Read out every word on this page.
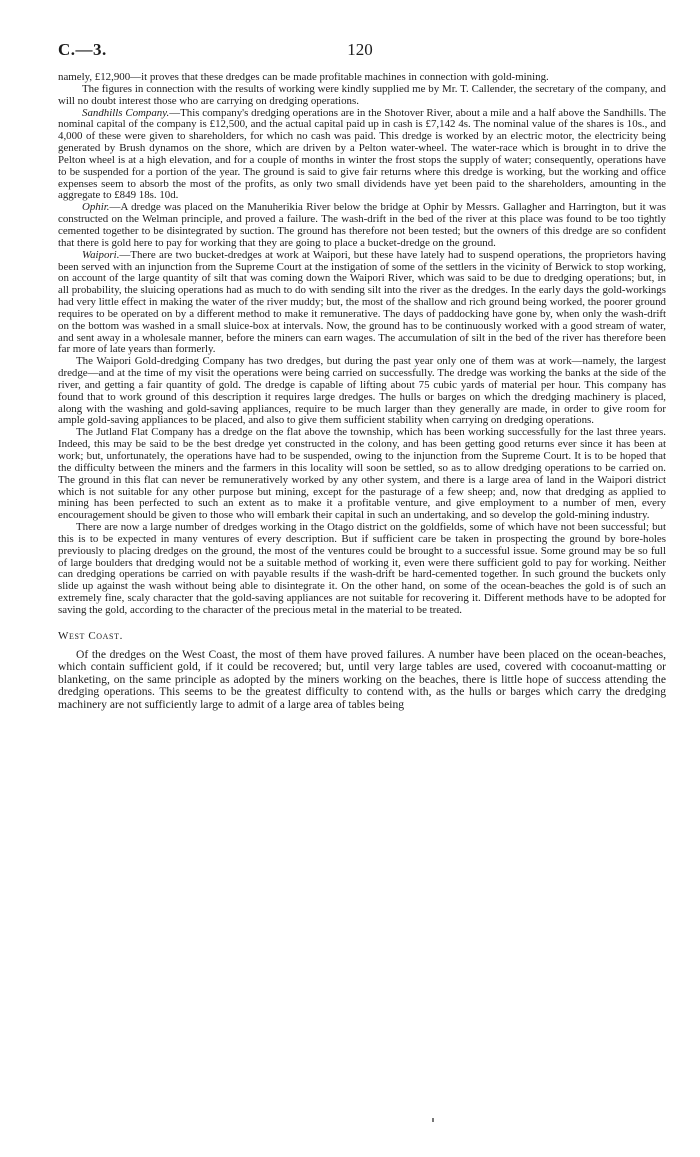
C.—3.	120

namely, £12,900—it proves that these dredges can be made profitable machines in connection with gold-mining.

The figures in connection with the results of working were kindly supplied me by Mr. T. Callender, the secretary of the company, and will no doubt interest those who are carrying on dredging operations.

Sandhills Company.—This company's dredging operations are in the Shotover River, about a mile and a half above the Sandhills. The nominal capital of the company is £12,500, and the actual capital paid up in cash is £7,142 4s. The nominal value of the shares is 10s., and 4,000 of these were given to shareholders, for which no cash was paid. This dredge is worked by an electric motor, the electricity being generated by Brush dynamos on the shore, which are driven by a Pelton water-wheel. The water-race which is brought in to drive the Pelton wheel is at a high elevation, and for a couple of months in winter the frost stops the supply of water; consequently, operations have to be suspended for a portion of the year. The ground is said to give fair returns where this dredge is working, but the working and office expenses seem to absorb the most of the profits, as only two small dividends have yet been paid to the shareholders, amounting in the aggregate to £849 18s. 10d.

Ophir.—A dredge was placed on the Manuherikia River below the bridge at Ophir by Messrs. Gallagher and Harrington, but it was constructed on the Welman principle, and proved a failure. The wash-drift in the bed of the river at this place was found to be too tightly cemented together to be disintegrated by suction. The ground has therefore not been tested; but the owners of this dredge are so confident that there is gold here to pay for working that they are going to place a bucket-dredge on the ground.

Waipori.—There are two bucket-dredges at work at Waipori, but these have lately had to suspend operations, the proprietors having been served with an injunction from the Supreme Court at the instigation of some of the settlers in the vicinity of Berwick to stop working, on account of the large quantity of silt that was coming down the Waipori River, which was said to be due to dredging operations; but, in all probability, the sluicing operations had as much to do with sending silt into the river as the dredges. In the early days the gold-workings had very little effect in making the water of the river muddy; but, the most of the shallow and rich ground being worked, the poorer ground requires to be operated on by a different method to make it remunerative. The days of paddocking have gone by, when only the wash-drift on the bottom was washed in a small sluice-box at intervals. Now, the ground has to be continuously worked with a good stream of water, and sent away in a wholesale manner, before the miners can earn wages. The accumulation of silt in the bed of the river has therefore been far more of late years than formerly.

The Waipori Gold-dredging Company has two dredges, but during the past year only one of them was at work—namely, the largest dredge—and at the time of my visit the operations were being carried on successfully. The dredge was working the banks at the side of the river, and getting a fair quantity of gold. The dredge is capable of lifting about 75 cubic yards of material per hour. This company has found that to work ground of this description it requires large dredges. The hulls or barges on which the dredging machinery is placed, along with the washing and gold-saving appliances, require to be much larger than they generally are made, in order to give room for ample gold-saving appliances to be placed, and also to give them sufficient stability when carrying on dredging operations.

The Jutland Flat Company has a dredge on the flat above the township, which has been working successfully for the last three years. Indeed, this may be said to be the best dredge yet constructed in the colony, and has been getting good returns ever since it has been at work; but, unfortunately, the operations have had to be suspended, owing to the injunction from the Supreme Court. It is to be hoped that the difficulty between the miners and the farmers in this locality will soon be settled, so as to allow dredging operations to be carried on. The ground in this flat can never be remuneratively worked by any other system, and there is a large area of land in the Waipori district which is not suitable for any other purpose but mining, except for the pasturage of a few sheep; and, now that dredging as applied to mining has been perfected to such an extent as to make it a profitable venture, and give employment to a number of men, every encouragement should be given to those who will embark their capital in such an undertaking, and so develop the gold-mining industry.

There are now a large number of dredges working in the Otago district on the goldfields, some of which have not been successful; but this is to be expected in many ventures of every description. But if sufficient care be taken in prospecting the ground by bore-holes previously to placing dredges on the ground, the most of the ventures could be brought to a successful issue. Some ground may be so full of large boulders that dredging would not be a suitable method of working it, even were there sufficient gold to pay for working. Neither can dredging operations be carried on with payable results if the wash-drift be hard-cemented together. In such ground the buckets only slide up against the wash without being able to disintegrate it. On the other hand, on some of the ocean-beaches the gold is of such an extremely fine, scaly character that the gold-saving appliances are not suitable for recovering it. Different methods have to be adopted for saving the gold, according to the character of the precious metal in the material to be treated.

West Coast.

Of the dredges on the West Coast, the most of them have proved failures. A number have been placed on the ocean-beaches, which contain sufficient gold, if it could be recovered; but, until very large tables are used, covered with cocoanut-matting or blanketing, on the same principle as adopted by the miners working on the beaches, there is little hope of success attending the dredging operations. This seems to be the greatest difficulty to contend with, as the hulls or barges which carry the dredging machinery are not sufficiently large to admit of a large area of tables being
